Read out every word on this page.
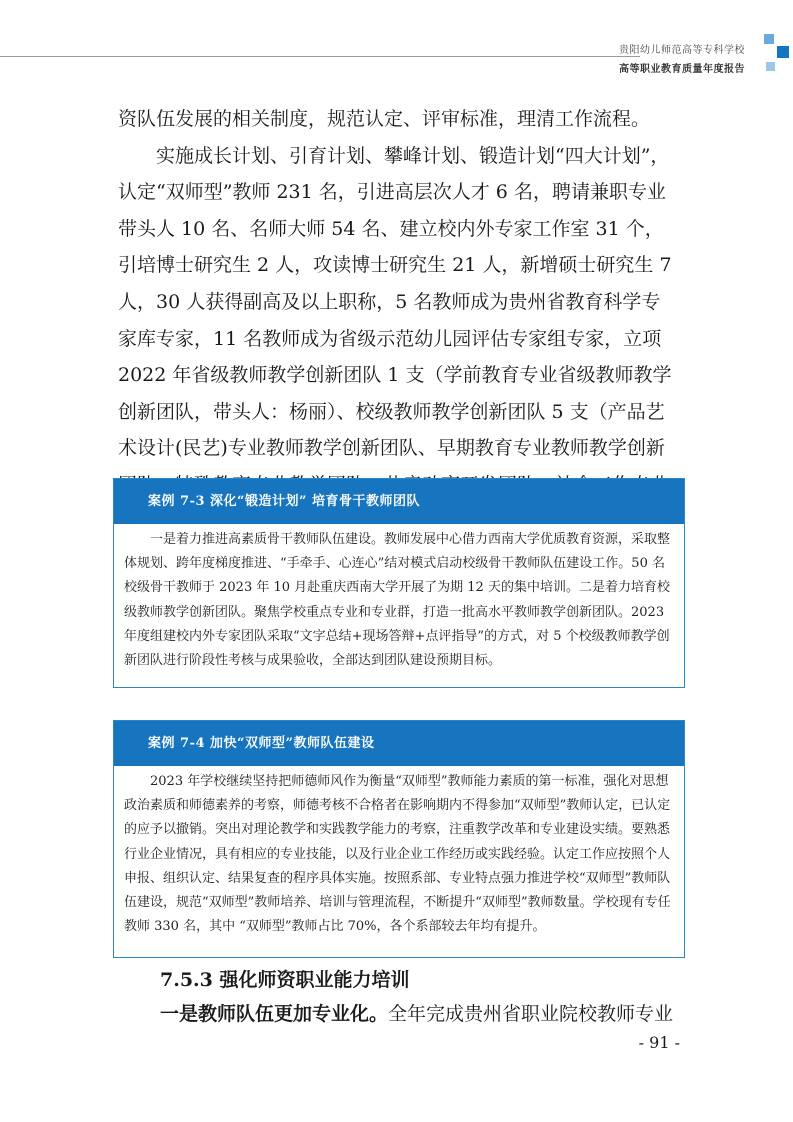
贵阳幼儿师范高等专科学校
高等职业教育质量年度报告

资队伍发展的相关制度，规范认定、评审标准，理清工作流程。

实施成长计划、引育计划、攀峰计划、锻造计划“四大计划”，认定“双师型”教师 231 名，引进高层次人才 6 名，聘请兼职专业带头人 10 名、名师大师 54 名、建立校内外专家工作室 31 个，引培博士研究生 2 人，攻读博士研究生 21 人，新增硕士研究生 7 人，30 人获得副高及以上职称，5 名教师成为贵州省教育科学专家库专家，11 名教师成为省级示范幼儿园评估专家组专家，立项 2022 年省级教师教学创新团队 1 支（学前教育专业省级教师教学创新团队，带头人：杨丽）、校级教师教学创新团队 5 支（产品艺术设计(民艺)专业教师教学创新团队、早期教育专业教师教学创新

案例 7-3 深化“锻造计划” 培育骨干教师团队
一是着力推进高素质骨干教师队伍建设。教师发展中心借力西南大学优质教育资源，采取整体规划、跨年度梯度推进、“手牵手、心连心”结对模式启动校级骨干教师队伍建设工作。50 名校级骨干教师于 2023 年 10 月赴重庆西南大学开展了为期 12 天的集中培训。二是着力培育校级教师教学创新团队。聚焦学校重点专业和专业群，打造一批高水平教师教学创新团队。2023 年度组建校内外专家团队采取“文字总结+现场答辩+点评指导”的方式，对 5 个校级教师教学创新团队进行阶段性考核与成果验收，全部达到团队建设预期目标。
案例 7-4 加快“双师型”教师队伍建设
2023 年学校继续坚持把师德师风作为衡量“双师型”教师能力素质的第一标准，强化对思想政治素质和师德素养的考察，师德考核不合格者在影响期内不得参加“双师型”教师认定，已认定的应予以撤销。突出对理论教学和实践教学能力的考察，注重教学改革和专业建设实绩。要熟悉行业企业情况，具有相应的专业技能，以及行业企业工作经历或实践经验。认定工作应按照个人申报、组织认定、结果复查的程序具体实施。按照系部、专业特点强力推进学校“双师型”教师队伍建设，规范“双师型”教师培养、培训与管理流程，不断提升“双师型”教师数量。学校现有专任教师 330 名，其中 “双师型”教师占比 70%，各个系部较去年均有提升。
7.5.3 强化师资职业能力培训
一是教师队伍更加专业化。全年完成贵州省职业院校教师专业
- 91 -
